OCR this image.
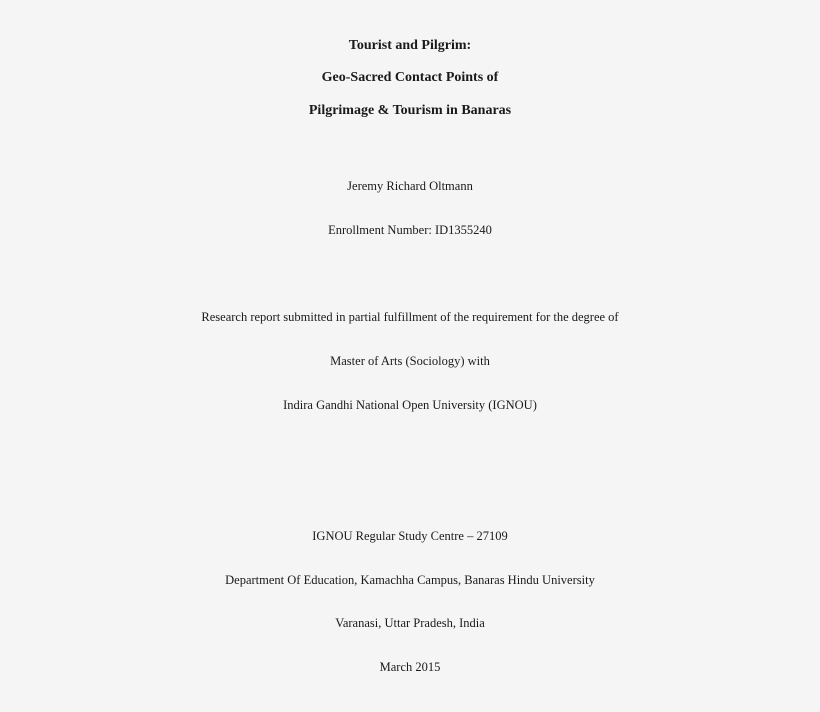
Tourist and Pilgrim:
Geo-Sacred Contact Points of
Pilgrimage & Tourism in Banaras
Jeremy Richard Oltmann
Enrollment Number: ID1355240
Research report submitted in partial fulfillment of the requirement for the degree of
Master of Arts (Sociology) with
Indira Gandhi National Open University (IGNOU)
IGNOU Regular Study Centre – 27109
Department Of Education, Kamachha Campus, Banaras Hindu University
Varanasi, Uttar Pradesh, India
March 2015
